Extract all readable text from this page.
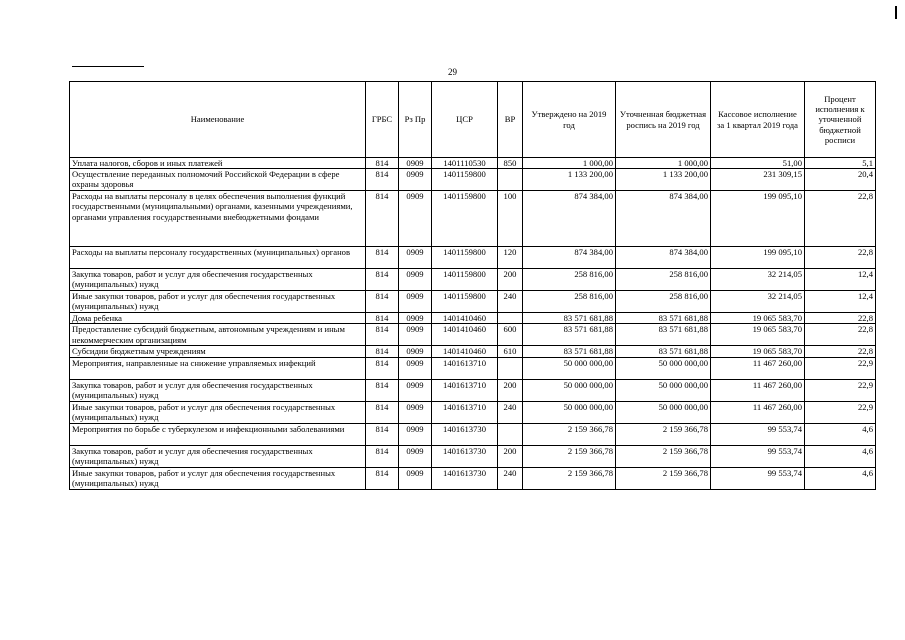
29
Наименование	ГРБС	Рз Пр	ЦСР	ВР	Утверждено на 2019 год	Уточненная бюджетная роспись на 2019 год	Кассовое исполнение за 1 квартал 2019 года	Процент исполнения к уточненной бюджетной росписи
Уплата налогов, сборов и иных платежей	814	0909	1401110530	850	1 000,00	1 000,00	51,00	5,1
Осуществление переданных полномочий Российской Федерации в сфере охраны здоровья	814	0909	1401159800		1 133 200,00	1 133 200,00	231 309,15	20,4
Расходы на выплаты персоналу в целях обеспечения выполнения функций государственными (муниципальными) органами, казенными учреждениями, органами управления государственными внебюджетными фондами	814	0909	1401159800	100	874 384,00	874 384,00	199 095,10	22,8
Расходы на выплаты персоналу государственных (муниципальных) органов	814	0909	1401159800	120	874 384,00	874 384,00	199 095,10	22,8
Закупка товаров, работ и услуг для обеспечения государственных (муниципальных) нужд	814	0909	1401159800	200	258 816,00	258 816,00	32 214,05	12,4
Иные закупки товаров, работ и услуг для обеспечения государственных (муниципальных) нужд	814	0909	1401159800	240	258 816,00	258 816,00	32 214,05	12,4
Дома ребенка	814	0909	1401410460		83 571 681,88	83 571 681,88	19 065 583,70	22,8
Предоставление субсидий бюджетным, автономным учреждениям и иным некоммерческим организациям	814	0909	1401410460	600	83 571 681,88	83 571 681,88	19 065 583,70	22,8
Субсидии бюджетным учреждениям	814	0909	1401410460	610	83 571 681,88	83 571 681,88	19 065 583,70	22,8
Мероприятия, направленные на снижение управляемых инфекций	814	0909	1401613710		50 000 000,00	50 000 000,00	11 467 260,00	22,9
Закупка товаров, работ и услуг для обеспечения государственных (муниципальных) нужд	814	0909	1401613710	200	50 000 000,00	50 000 000,00	11 467 260,00	22,9
Иные закупки товаров, работ и услуг для обеспечения государственных (муниципальных) нужд	814	0909	1401613710	240	50 000 000,00	50 000 000,00	11 467 260,00	22,9
Мероприятия по борьбе с туберкулезом и инфекционными заболеваниями	814	0909	1401613730		2 159 366,78	2 159 366,78	99 553,74	4,6
Закупка товаров, работ и услуг для обеспечения государственных (муниципальных) нужд	814	0909	1401613730	200	2 159 366,78	2 159 366,78	99 553,74	4,6
Иные закупки товаров, работ и услуг для обеспечения государственных (муниципальных) нужд	814	0909	1401613730	240	2 159 366,78	2 159 366,78	99 553,74	4,6
